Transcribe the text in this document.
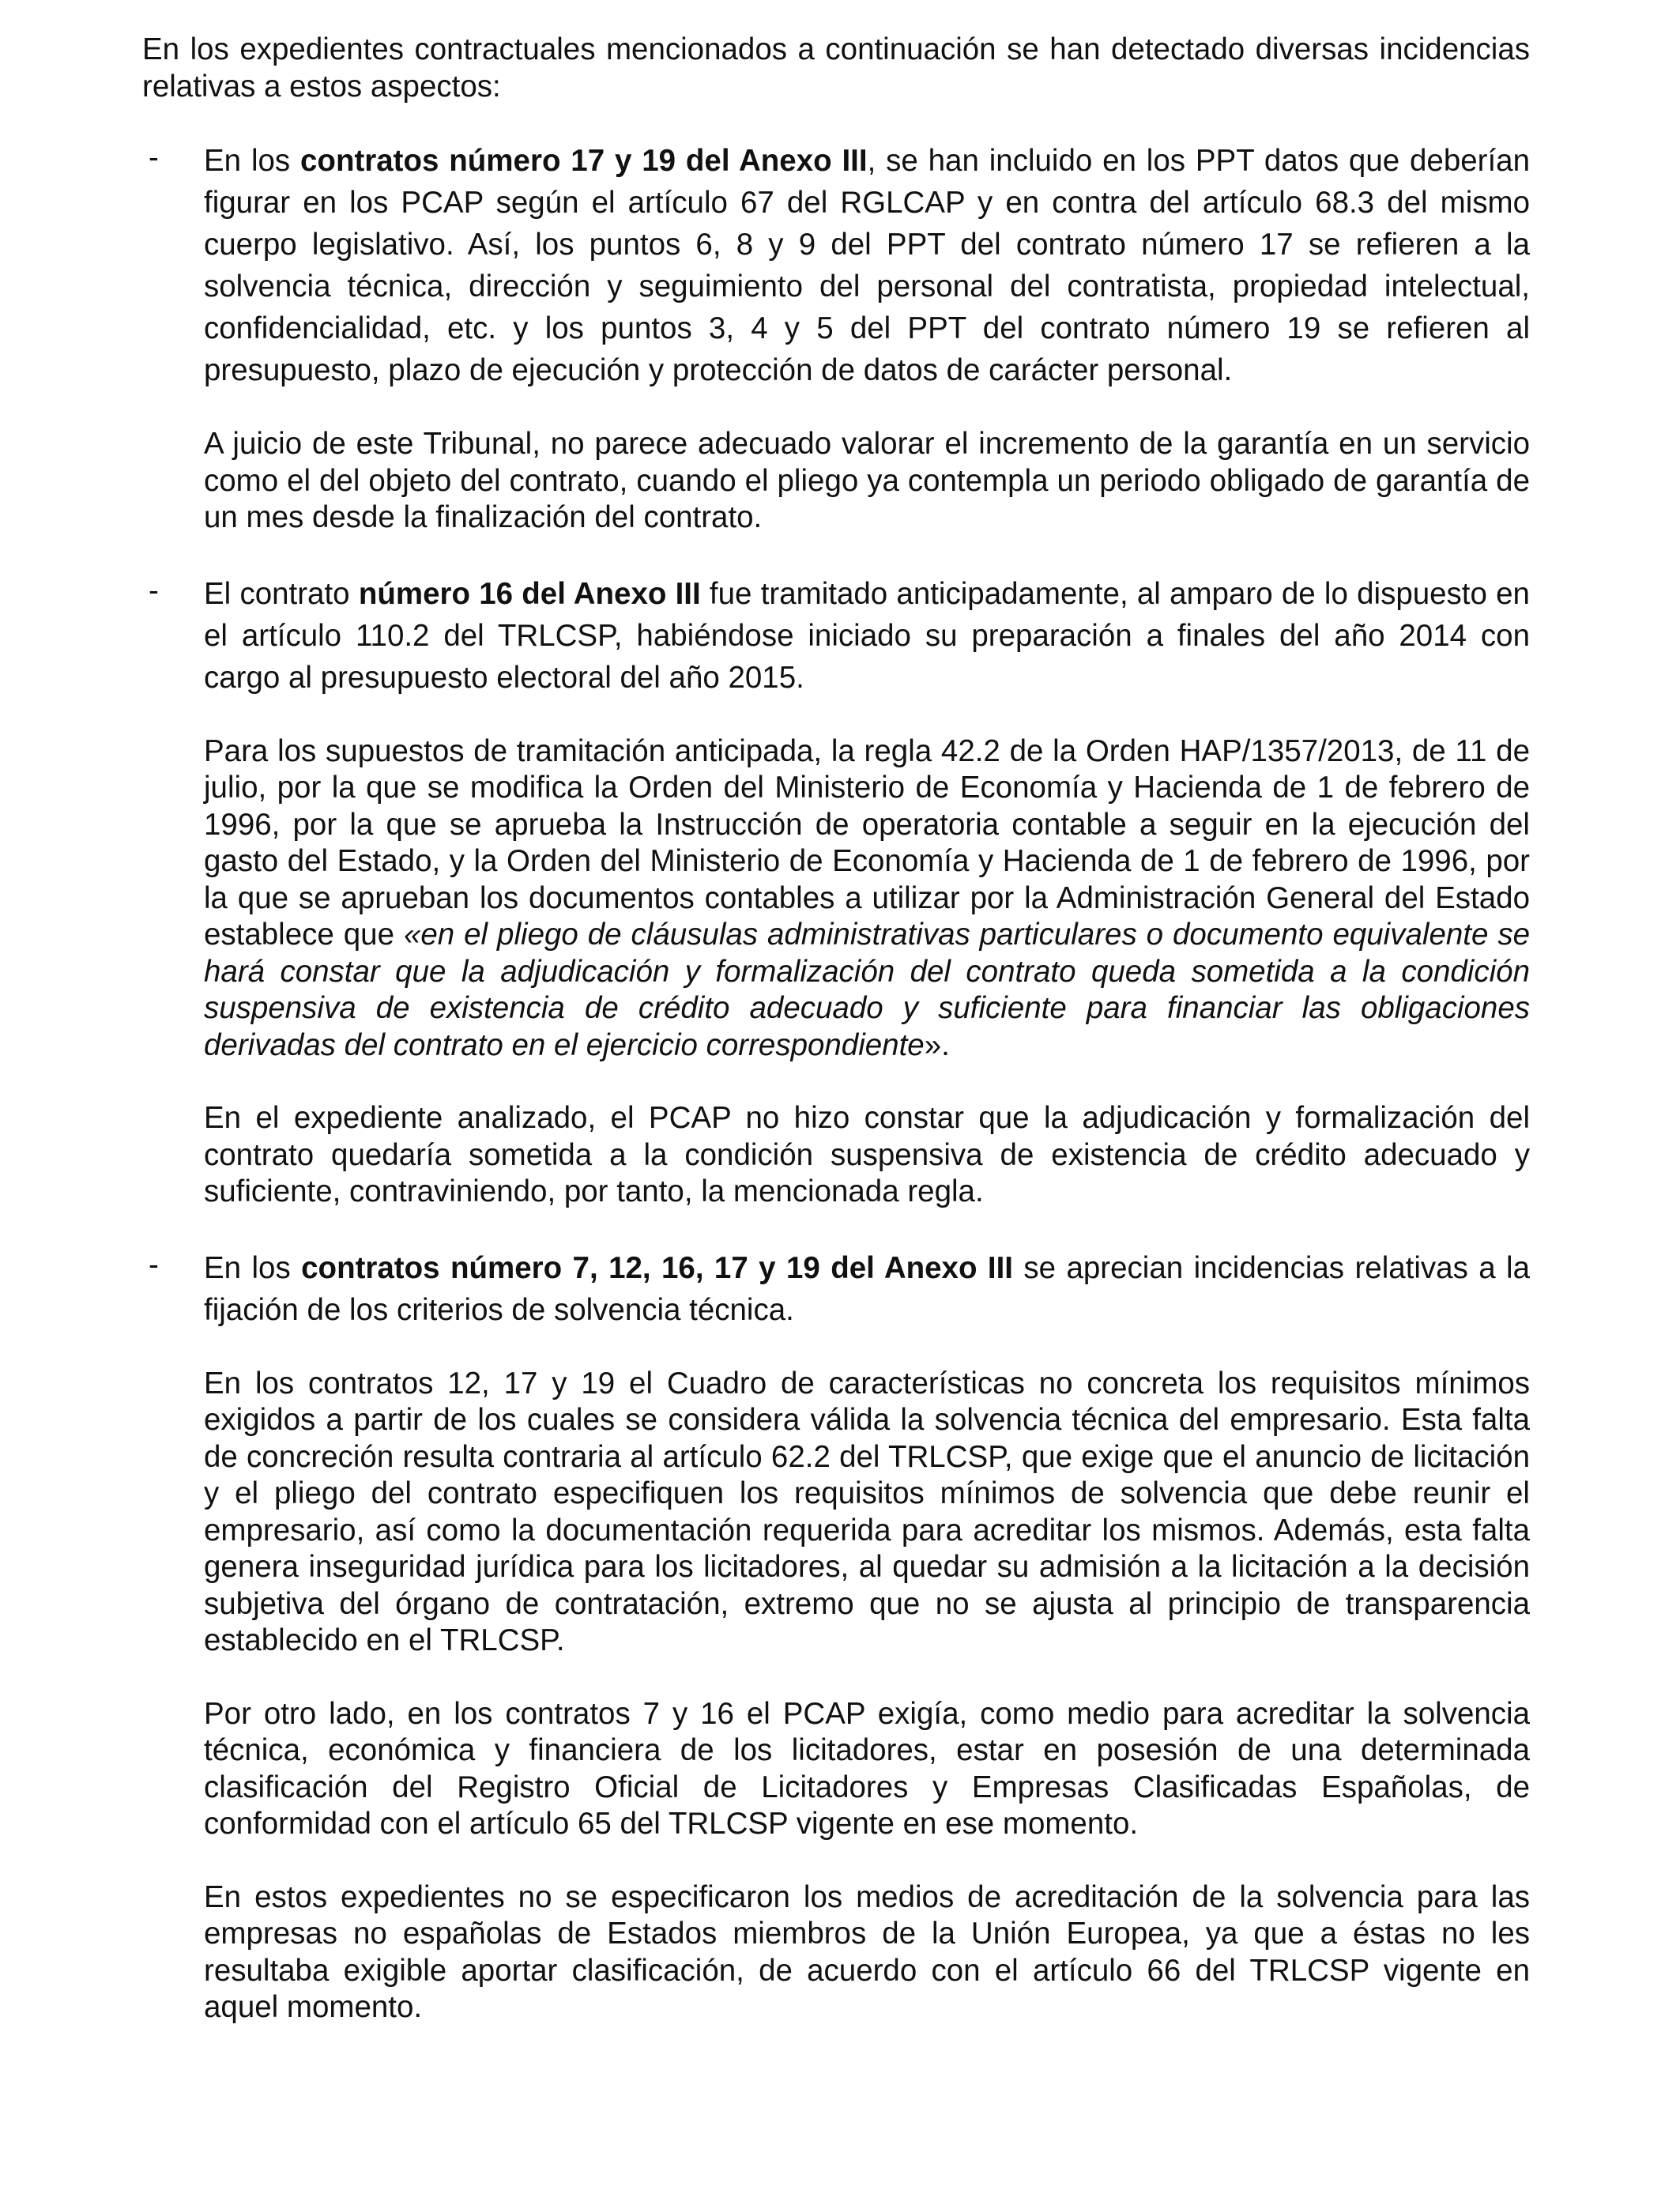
En los expedientes contractuales mencionados a continuación se han detectado diversas incidencias relativas a estos aspectos:

- En los contratos número 17 y 19 del Anexo III, se han incluido en los PPT datos que deberían figurar en los PCAP según el artículo 67 del RGLCAP y en contra del artículo 68.3 del mismo cuerpo legislativo. Así, los puntos 6, 8 y 9 del PPT del contrato número 17 se refieren a la solvencia técnica, dirección y seguimiento del personal del contratista, propiedad intelectual, confidencialidad, etc. y los puntos 3, 4 y 5 del PPT del contrato número 19 se refieren al presupuesto, plazo de ejecución y protección de datos de carácter personal.

A juicio de este Tribunal, no parece adecuado valorar el incremento de la garantía en un servicio como el del objeto del contrato, cuando el pliego ya contempla un periodo obligado de garantía de un mes desde la finalización del contrato.

- El contrato número 16 del Anexo III fue tramitado anticipadamente, al amparo de lo dispuesto en el artículo 110.2 del TRLCSP, habiéndose iniciado su preparación a finales del año 2014 con cargo al presupuesto electoral del año 2015.

Para los supuestos de tramitación anticipada, la regla 42.2 de la Orden HAP/1357/2013, de 11 de julio, por la que se modifica la Orden del Ministerio de Economía y Hacienda de 1 de febrero de 1996, por la que se aprueba la Instrucción de operatoria contable a seguir en la ejecución del gasto del Estado, y la Orden del Ministerio de Economía y Hacienda de 1 de febrero de 1996, por la que se aprueban los documentos contables a utilizar por la Administración General del Estado establece que «en el pliego de cláusulas administrativas particulares o documento equivalente se hará constar que la adjudicación y formalización del contrato queda sometida a la condición suspensiva de existencia de crédito adecuado y suficiente para financiar las obligaciones derivadas del contrato en el ejercicio correspondiente».

En el expediente analizado, el PCAP no hizo constar que la adjudicación y formalización del contrato quedaría sometida a la condición suspensiva de existencia de crédito adecuado y suficiente, contraviniendo, por tanto, la mencionada regla.

- En los contratos número 7, 12, 16, 17 y 19 del Anexo III se aprecian incidencias relativas a la fijación de los criterios de solvencia técnica.

En los contratos 12, 17 y 19 el Cuadro de características no concreta los requisitos mínimos exigidos a partir de los cuales se considera válida la solvencia técnica del empresario. Esta falta de concreción resulta contraria al artículo 62.2 del TRLCSP, que exige que el anuncio de licitación y el pliego del contrato especifiquen los requisitos mínimos de solvencia que debe reunir el empresario, así como la documentación requerida para acreditar los mismos. Además, esta falta genera inseguridad jurídica para los licitadores, al quedar su admisión a la licitación a la decisión subjetiva del órgano de contratación, extremo que no se ajusta al principio de transparencia establecido en el TRLCSP.

Por otro lado, en los contratos 7 y 16 el PCAP exigía, como medio para acreditar la solvencia técnica, económica y financiera de los licitadores, estar en posesión de una determinada clasificación del Registro Oficial de Licitadores y Empresas Clasificadas Españolas, de conformidad con el artículo 65 del TRLCSP vigente en ese momento.

En estos expedientes no se especificaron los medios de acreditación de la solvencia para las empresas no españolas de Estados miembros de la Unión Europea, ya que a éstas no les resultaba exigible aportar clasificación, de acuerdo con el artículo 66 del TRLCSP vigente en aquel momento.
